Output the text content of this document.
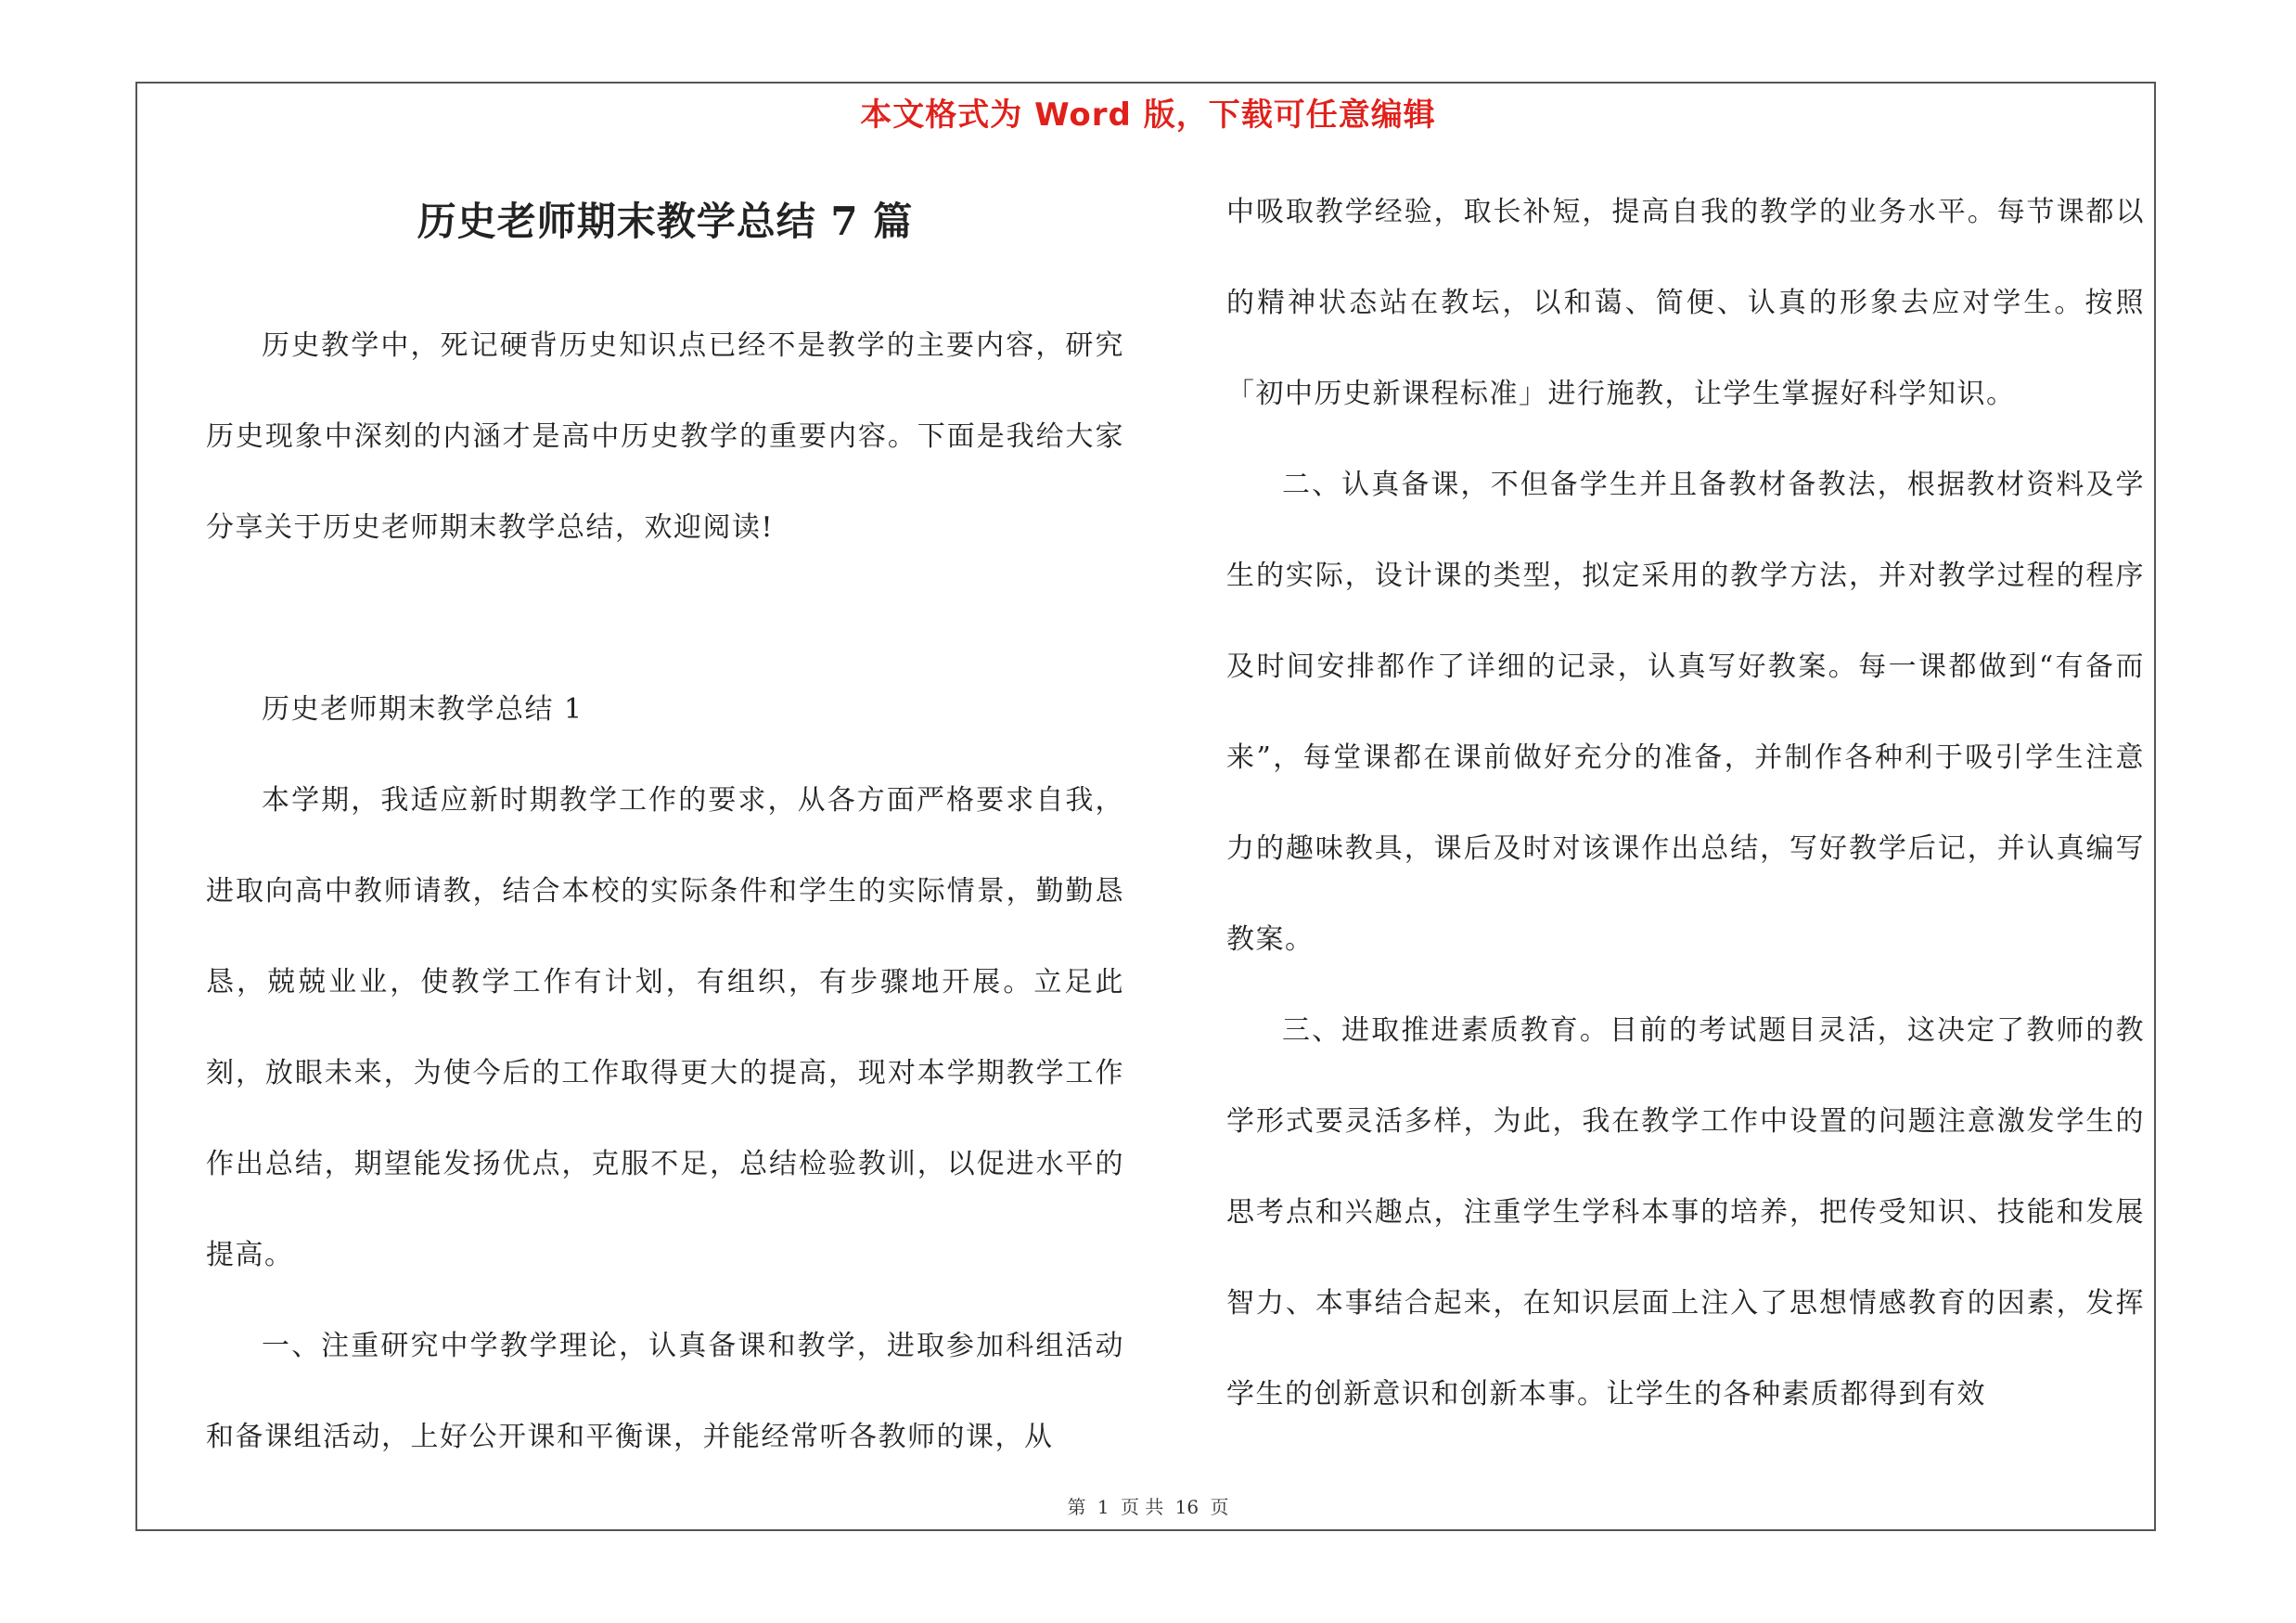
本文格式为 Word 版，下载可任意编辑
历史老师期末教学总结 7 篇

历史教学中，死记硬背历史知识点已经不是教学的主要内容，研究历史现象中深刻的内涵才是高中历史教学的重要内容。下面是我给大家分享关于历史老师期末教学总结，欢迎阅读!

历史老师期末教学总结 1

本学期，我适应新时期教学工作的要求，从各方面严格要求自我，进取向高中教师请教，结合本校的实际条件和学生的实际情景，勤勤恳恳，兢兢业业，使教学工作有计划，有组织，有步骤地开展。立足此刻，放眼未来，为使今后的工作取得更大的提高，现对本学期教学工作作出总结，期望能发扬优点，克服不足，总结检验教训，以促进水平的提高。

一、注重研究中学教学理论，认真备课和教学，进取参加科组活动和备课组活动，上好公开课和平衡课，并能经常听各教师的课，从

中吸取教学经验，取长补短，提高自我的教学的业务水平。每节课都以的精神状态站在教坛，以和蔼、简便、认真的形象去应对学生。按照「初中历史新课程标准」进行施教，让学生掌握好科学知识。

二、认真备课，不但备学生并且备教材备教法，根据教材资料及学生的实际，设计课的类型，拟定采用的教学方法，并对教学过程的程序及时间安排都作了详细的记录，认真写好教案。每一课都做到“有备而来”，每堂课都在课前做好充分的准备，并制作各种利于吸引学生注意力的趣味教具，课后及时对该课作出总结，写好教学后记，并认真编写教案。

三、进取推进素质教育。目前的考试题目灵活，这决定了教师的教学形式要灵活多样，为此，我在教学工作中设置的问题注意激发学生的思考点和兴趣点，注重学生学科本事的培养，把传受知识、技能和发展智力、本事结合起来，在知识层面上注入了思想情感教育的因素，发挥学生的创新意识和创新本事。让学生的各种素质都得到有效

第 1 页 共 16 页
